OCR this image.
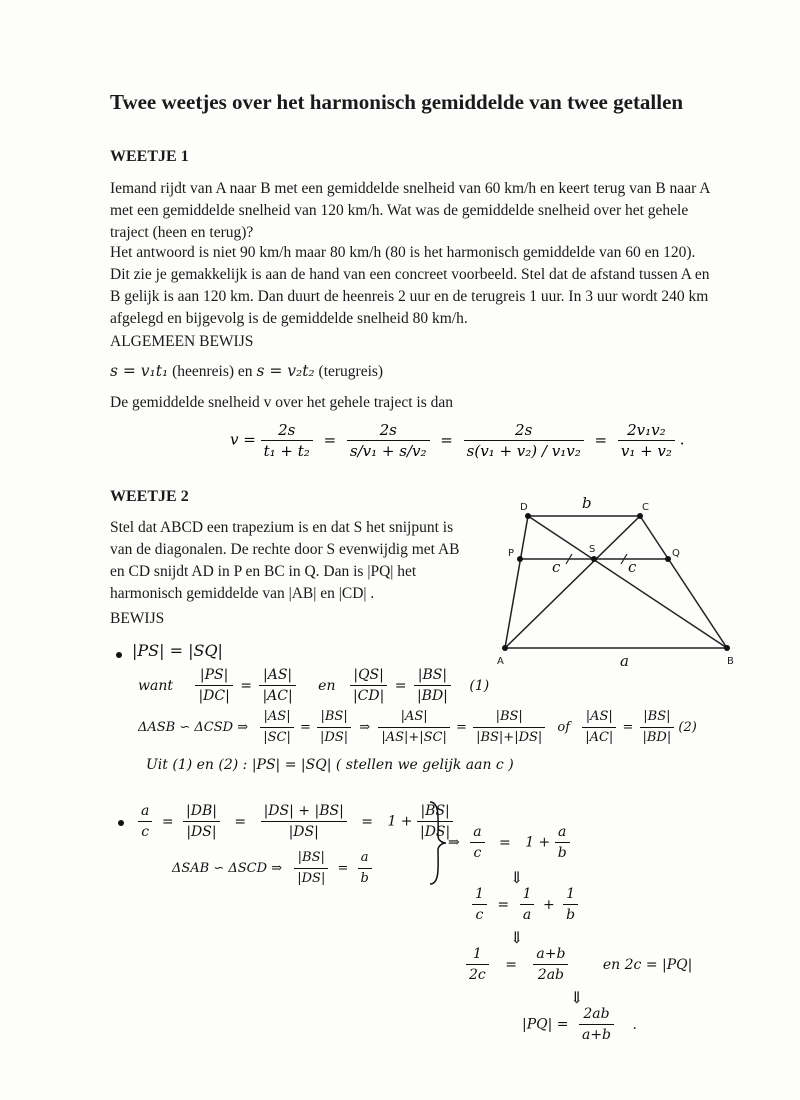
Twee weetjes over het harmonisch gemiddelde van twee getallen
WEETJE 1
Iemand rijdt van A naar B met een gemiddelde snelheid van 60 km/h en keert terug van B naar A met een gemiddelde snelheid van 120 km/h. Wat was de gemiddelde snelheid over het gehele traject (heen en terug)?
Het antwoord is niet 90 km/h maar 80 km/h (80 is het harmonisch gemiddelde van 60 en 120). Dit zie je gemakkelijk is aan de hand van een concreet voorbeeld. Stel dat de afstand tussen A en B gelijk is aan 120 km. Dan duurt de heenreis 2 uur en de terugreis 1 uur. In 3 uur wordt 240 km afgelegd en bijgevolg is de gemiddelde snelheid 80 km/h.
ALGEMEEN BEWIJS
s = v₁t₁ (heenreis) en s = v₂t₂ (terugreis)
De gemiddelde snelheid v over het gehele traject is dan
$v = \frac{2s}{\text{t₁ + t₂}} = \frac{2s}{\text{s/v₁ + s/v₂}} = \frac{2s}{\text{s(v₁ + v₂) / v₁v₂}} = \frac{\text{2v₁v₂}}{\text{v₁ + v₂}}$ .
WEETJE 2
Stel dat ABCD een trapezium is en dat S het snijpunt is van de diagonalen. De rechte door S evenwijdig met AB en CD snijdt AD in P en BC in Q. Dan is |PQ| het harmonisch gemiddelde van |AB| en |CD| .
BEWIJS
A	B
C
D
P	Q
S
b
a
c	c
|PS| = |SQ|
want $\frac{|PS|}{|DC|} = \frac{|AS|}{|AC|}$ en $\frac{|QS|}{|CD|} = \frac{|BS|}{|BD|} (1)$
ΔASB ∽ ΔCSD ⇒ $\frac{|AS|}{|SC|} = \frac{|BS|}{|DS|}$ ⇒ $\frac{|AS|}{|AS|+|SC|} = \frac{|BS|}{|BS|+|DS|}$ of $\frac{|AS|}{|AC|} = \frac{|BS|}{|BD|} (2)$
Uit (1) en (2) : |PS| = |SQ| ( stellen we gelijk aan c )
$\frac{a}{c} = \frac{|DB|}{|DS|} = \frac{|DS| + |BS|}{|DS|} = 1 + \frac{|BS|}{|DS|}$
ΔSAB ∽ ΔSCD ⇒ $\frac{|BS|}{|DS|} = \frac{a}{b}$
⇒ $\frac{a}{c} = 1 + \frac{a}{b}$
⇓
$\frac{1}{c} = \frac{1}{a} + \frac{1}{b}$
⇓
$\frac{1}{2c} = \frac{a+b}{2ab}$ en 2c = |PQ|
⇓
$|PQ| = \frac{2ab}{a+b}$ .
